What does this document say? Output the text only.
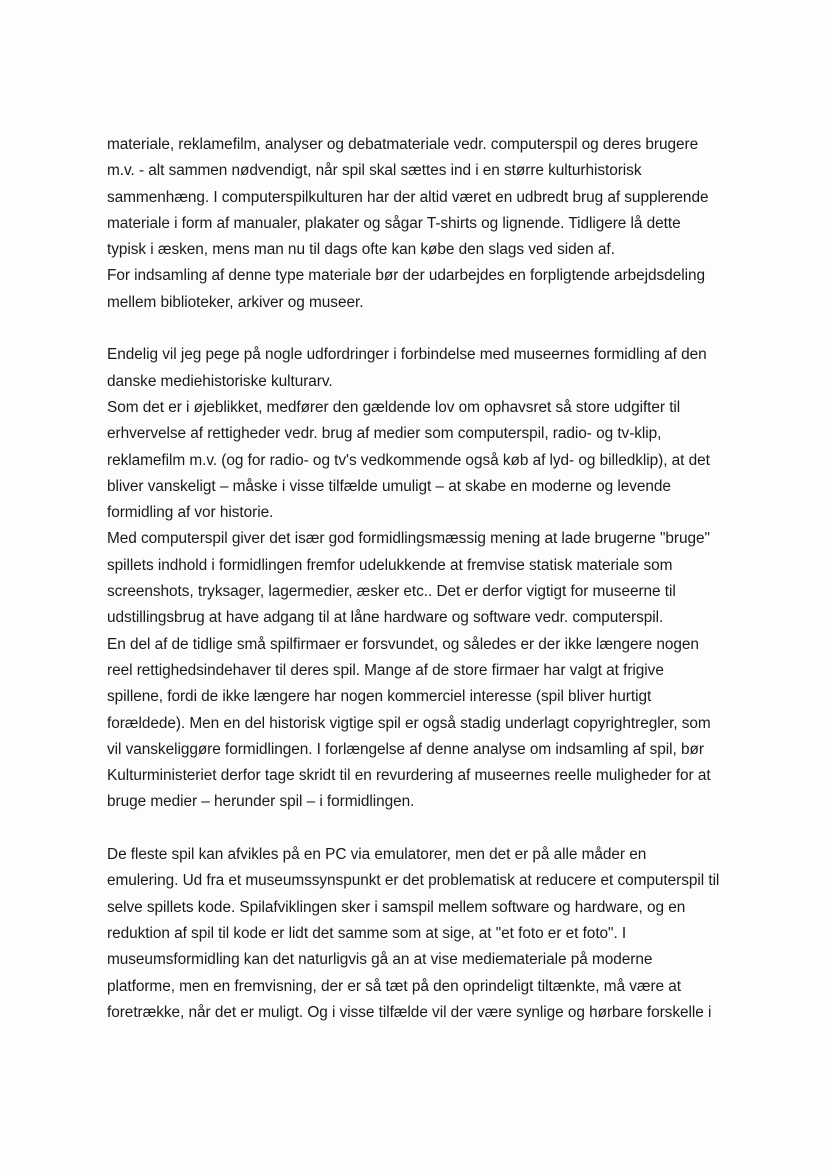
materiale, reklamefilm, analyser og debatmateriale vedr. computerspil og deres brugere
m.v. - alt sammen nødvendigt, når spil skal sættes ind i en større kulturhistorisk
sammenhæng. I computerspilkulturen har der altid været en udbredt brug af supplerende
materiale i form af manualer, plakater og sågar T-shirts og lignende. Tidligere lå dette
typisk i æsken, mens man nu til dags ofte kan købe den slags ved siden af.
For indsamling af denne type materiale bør der udarbejdes en forpligtende arbejdsdeling
mellem biblioteker, arkiver og museer.
Endelig vil jeg pege på nogle udfordringer i forbindelse med museernes formidling af den
danske mediehistoriske kulturarv.
Som det er i øjeblikket, medfører den gældende lov om ophavsret så store udgifter til
erhvervelse af rettigheder vedr. brug af medier som computerspil, radio- og tv-klip,
reklamefilm m.v. (og for radio- og tv's vedkommende også køb af lyd- og billedklip), at det
bliver vanskeligt – måske i visse tilfælde umuligt – at skabe en moderne og levende
formidling af vor historie.
Med computerspil giver det især god formidlingsmæssig mening at lade brugerne "bruge"
spillets indhold i formidlingen fremfor udelukkende at fremvise statisk materiale som
screenshots, tryksager, lagermedier, æsker etc.. Det er derfor vigtigt for museerne til
udstillingsbrug at have adgang til at låne hardware og software vedr. computerspil.
En del af de tidlige små spilfirmaer er forsvundet, og således er der ikke længere nogen
reel rettighedsindehaver til deres spil. Mange af de store firmaer har valgt at frigive
spillene, fordi de ikke længere har nogen kommerciel interesse (spil bliver hurtigt
forældede). Men en del historisk vigtige spil er også stadig underlagt copyrightregler, som
vil vanskeliggøre formidlingen. I forlængelse af denne analyse om indsamling af spil, bør
Kulturministeriet derfor tage skridt til en revurdering af museernes reelle muligheder for at
bruge medier – herunder spil – i formidlingen.
De fleste spil kan afvikles på en PC via emulatorer, men det er på alle måder en
emulering. Ud fra et museumssynspunkt er det problematisk at reducere et computerspil til
selve spillets kode. Spilafviklingen sker i samspil mellem software og hardware, og en
reduktion af spil til kode er lidt det samme som at sige, at "et foto er et foto". I
museumsformidling kan det naturligvis gå an at vise mediemateriale på moderne
platforme, men en fremvisning, der er så tæt på den oprindeligt tiltænkte, må være at
foretrække, når det er muligt. Og i visse tilfælde vil der være synlige og hørbare forskelle i
